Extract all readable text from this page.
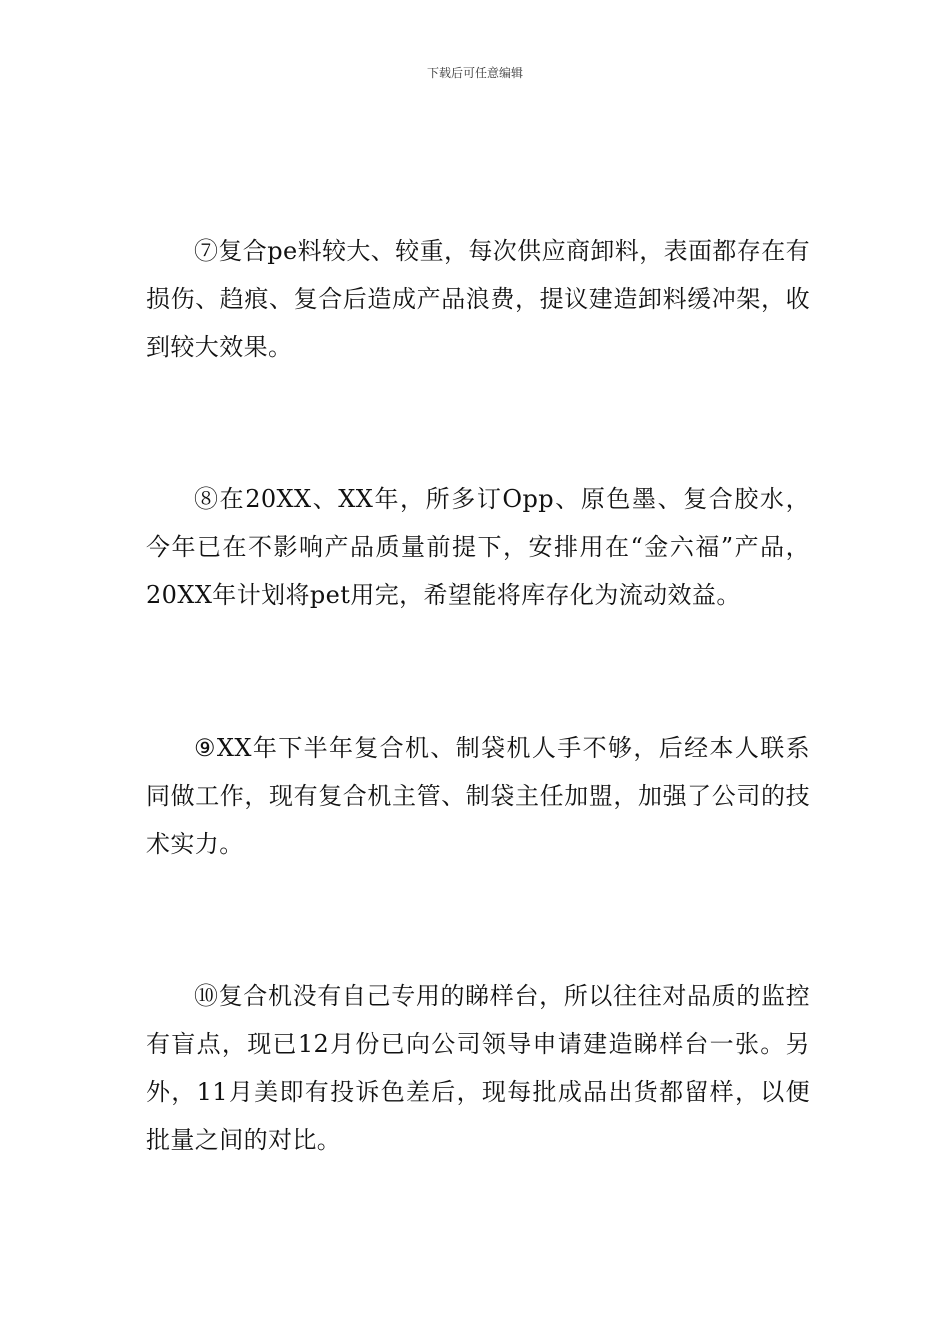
下载后可任意编辑

⑦复合pe料较大、较重，每次供应商卸料，表面都存在有损伤、趋痕、复合后造成产品浪费，提议建造卸料缓冲架，收到较大效果。

⑧在20XX、XX年，所多订Opp、原色墨、复合胶水，今年已在不影响产品质量前提下，安排用在“金六福”产品，20XX年计划将pet用完，希望能将库存化为流动效益。

⑨XX年下半年复合机、制袋机人手不够，后经本人联系同做工作，现有复合机主管、制袋主任加盟，加强了公司的技术实力。

⑩复合机没有自己专用的睇样台，所以往往对品质的监控有盲点，现已12月份已向公司领导申请建造睇样台一张。另外，11月美即有投诉色差后，现每批成品出货都留样，以便批量之间的对比。
